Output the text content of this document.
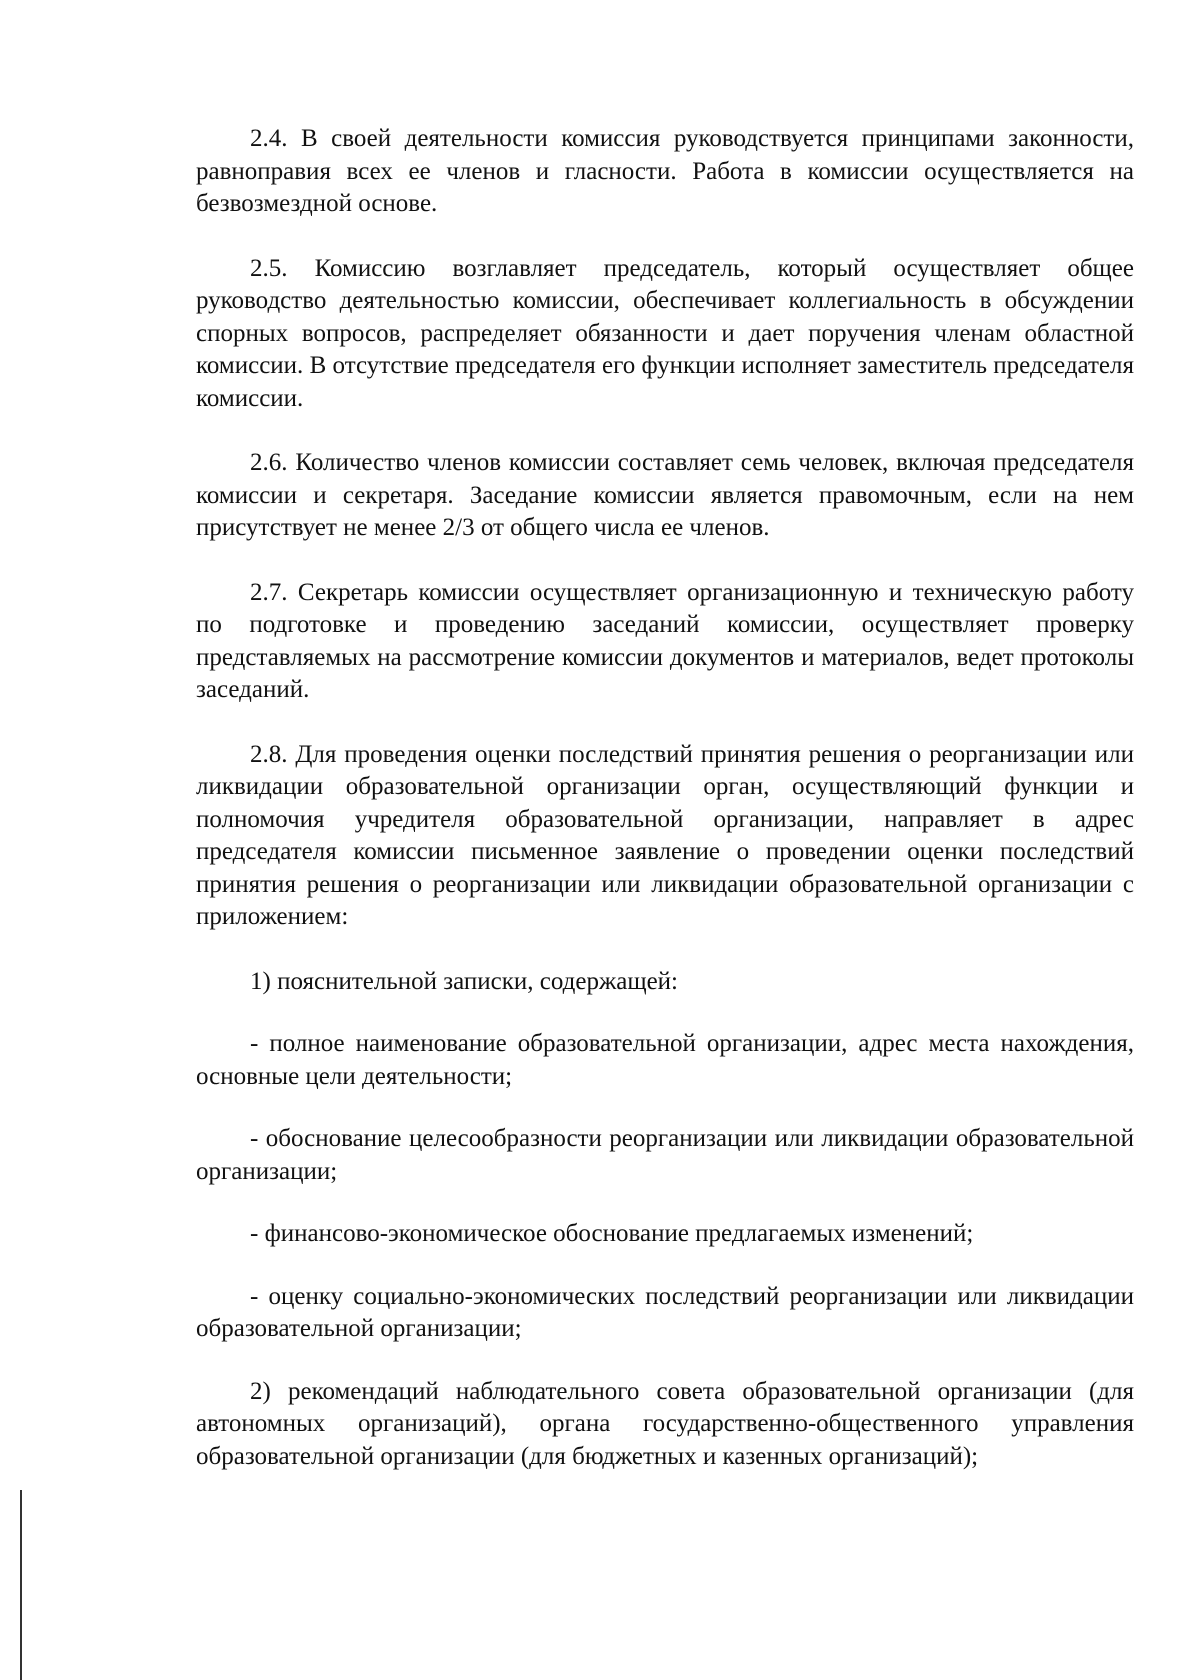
2.4. В своей деятельности комиссия руководствуется принципами законности, равноправия всех ее членов и гласности. Работа в комиссии осуществляется на безвозмездной основе.

2.5. Комиссию возглавляет председатель, который осуществляет общее руководство деятельностью комиссии, обеспечивает коллегиальность в обсуждении спорных вопросов, распределяет обязанности и дает поручения членам областной комиссии. В отсутствие председателя его функции исполняет заместитель председателя комиссии.

2.6. Количество членов комиссии составляет семь человек, включая председателя комиссии и секретаря. Заседание комиссии является правомочным, если на нем присутствует не менее 2/3 от общего числа ее членов.

2.7. Секретарь комиссии осуществляет организационную и техническую работу по подготовке и проведению заседаний комиссии, осуществляет проверку представляемых на рассмотрение комиссии документов и материалов, ведет протоколы заседаний.

2.8. Для проведения оценки последствий принятия решения о реорганизации или ликвидации образовательной организации орган, осуществляющий функции и полномочия учредителя образовательной организации, направляет в адрес председателя комиссии письменное заявление о проведении оценки последствий принятия решения о реорганизации или ликвидации образовательной организации с приложением:

1) пояснительной записки, содержащей:

- полное наименование образовательной организации, адрес места нахождения, основные цели деятельности;

- обоснование целесообразности реорганизации или ликвидации образовательной организации;

- финансово-экономическое обоснование предлагаемых изменений;

- оценку социально-экономических последствий реорганизации или ликвидации образовательной организации;

2) рекомендаций наблюдательного совета образовательной организации (для автономных организаций), органа государственно-общественного управления образовательной организации (для бюджетных и казенных организаций);
